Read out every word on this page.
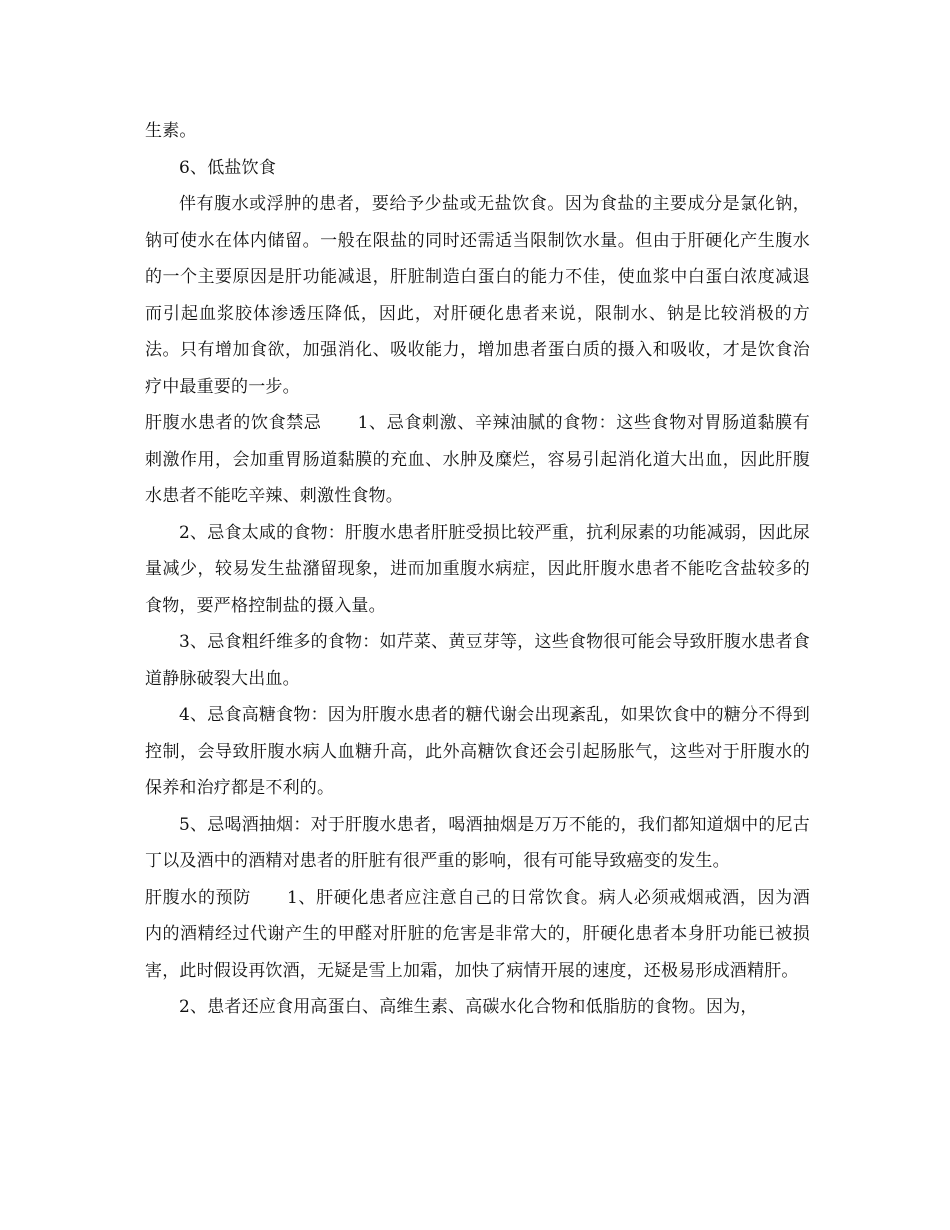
生素。

6、低盐饮食

伴有腹水或浮肿的患者，要给予少盐或无盐饮食。因为食盐的主要成分是氯化钠，钠可使水在体内储留。一般在限盐的同时还需适当限制饮水量。但由于肝硬化产生腹水的一个主要原因是肝功能减退，肝脏制造白蛋白的能力不佳，使血浆中白蛋白浓度减退而引起血浆胶体渗透压降低，因此，对肝硬化患者来说，限制水、钠是比较消极的方法。只有增加食欲，加强消化、吸收能力，增加患者蛋白质的摄入和吸收，才是饮食治疗中最重要的一步。

肝腹水患者的饮食禁忌 1、忌食刺激、辛辣油腻的食物：这些食物对胃肠道黏膜有刺激作用，会加重胃肠道黏膜的充血、水肿及糜烂，容易引起消化道大出血，因此肝腹水患者不能吃辛辣、刺激性食物。

2、忌食太咸的食物：肝腹水患者肝脏受损比较严重，抗利尿素的功能减弱，因此尿量减少，较易发生盐潴留现象，进而加重腹水病症，因此肝腹水患者不能吃含盐较多的食物，要严格控制盐的摄入量。

3、忌食粗纤维多的食物：如芹菜、黄豆芽等，这些食物很可能会导致肝腹水患者食道静脉破裂大出血。

4、忌食高糖食物：因为肝腹水患者的糖代谢会出现紊乱，如果饮食中的糖分不得到控制，会导致肝腹水病人血糖升高，此外高糖饮食还会引起肠胀气，这些对于肝腹水的保养和治疗都是不利的。

5、忌喝酒抽烟：对于肝腹水患者，喝酒抽烟是万万不能的，我们都知道烟中的尼古丁以及酒中的酒精对患者的肝脏有很严重的影响，很有可能导致癌变的发生。

肝腹水的预防 1、肝硬化患者应注意自己的日常饮食。病人必须戒烟戒酒，因为酒内的酒精经过代谢产生的甲醛对肝脏的危害是非常大的，肝硬化患者本身肝功能已被损害，此时假设再饮酒，无疑是雪上加霜，加快了病情开展的速度，还极易形成酒精肝。

2、患者还应食用高蛋白、高维生素、高碳水化合物和低脂肪的食物。因为，
